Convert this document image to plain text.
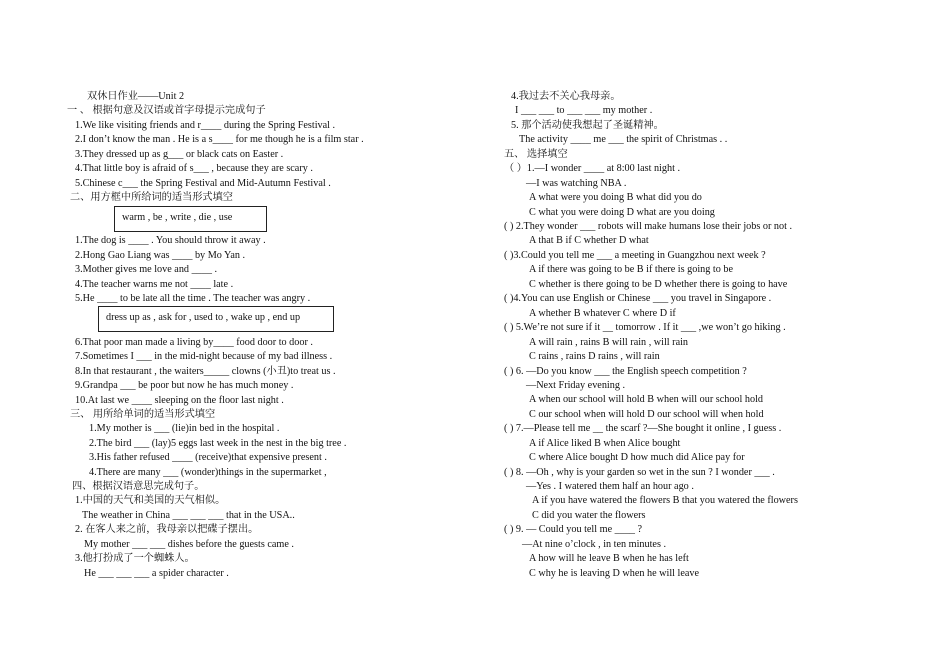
双休日作业——Unit 2
一 、 根据句意及汉语或首字母提示完成句子
1.We like visiting friends and r____ during the Spring Festival .
2.I don’t know the man . He is a s____ for me though he is a film star .
3.They dressed up as g___ or black cats on Easter .
4.That little boy is afraid of s___ , because they are scary .
5.Chinese c___ the Spring Festival and Mid-Autumn Festival .
二、用方框中所给词的适当形式填空
warm , be , write , die , use
1.The dog is ____ . You should throw it away .
2.Hong Gao Liang was ____ by Mo Yan .
3.Mother gives me love and ____ .
4.The teacher warns me not ____ late .
5.He ____ to be late all the time . The teacher was angry .
dress up as , ask for , used to , wake up , end up
6.That poor man made a living by____ food door to door .
7.Sometimes I ___ in the mid-night because of my bad illness .
8.In that restaurant , the waiters_____ clowns (小丑)to treat us .
9.Grandpa ___ be poor but now he has much money .
10.At last we ____ sleeping on the floor last night .
三、 用所给单词的适当形式填空
1.My mother is ___ (lie)in bed in the hospital .
2.The bird ___ (lay)5 eggs last week in the nest in the big tree .
3.His father refused ____ (receive)that expensive present .
4.There are many ___ (wonder)things in the supermarket ,
四、根据汉语意思完成句子。
1.中国的天气和美国的天气相似。
The weather in China ___ ___ ___ that in the USA..
2. 在客人来之前，我母亲以把碟子摆出。
My mother ___ ___ dishes before the guests came .
3.他打扮成了一个蜘蛛人。
He ___ ___ ___ a spider character .
4.我过去不关心我母亲。
I ___ ___ to ___ ___ my mother .
5. 那个活动使我想起了圣诞精神。
The activity ____ me ___ the spirit of Christmas . .
五、 选择填空
（ ）1.—I wonder ____ at 8:00 last night .
—I was watching NBA .
A what were you doing B what did you do
C what you were doing D what are you doing
( ) 2.They wonder ___ robots will make humans lose their jobs or not .
A that B if C whether D what
( )3.Could you tell me ___ a meeting in Guangzhou next week ?
A if there was going to be B if there is going to be
C whether is there going to be D whether there is going to have
( )4.You can use English or Chinese ___ you travel in Singapore .
A whether B whatever C where D if
( ) 5.We’re not sure if it __ tomorrow . If it ___ ,we won’t go hiking .
A will rain , rains B will rain , will rain
C rains , rains D rains , will rain
( ) 6. —Do you know ___ the English speech competition ?
—Next Friday evening .
A when our school will hold B when will our school hold
C our school when will hold D our school will when hold
( ) 7.—Please tell me __ the scarf ?—She bought it online , I guess .
A if Alice liked B when Alice bought
C where Alice bought D how much did Alice pay for
( ) 8. —Oh , why is your garden so wet in the sun ? I wonder ___ .
—Yes . I watered them half an hour ago .
A if you have watered the flowers B that you watered the flowers
C did you water the flowers
( ) 9. — Could you tell me ____ ?
—At nine o’clock , in ten minutes .
A how will he leave B when he has left
C why he is leaving D when he will leave
